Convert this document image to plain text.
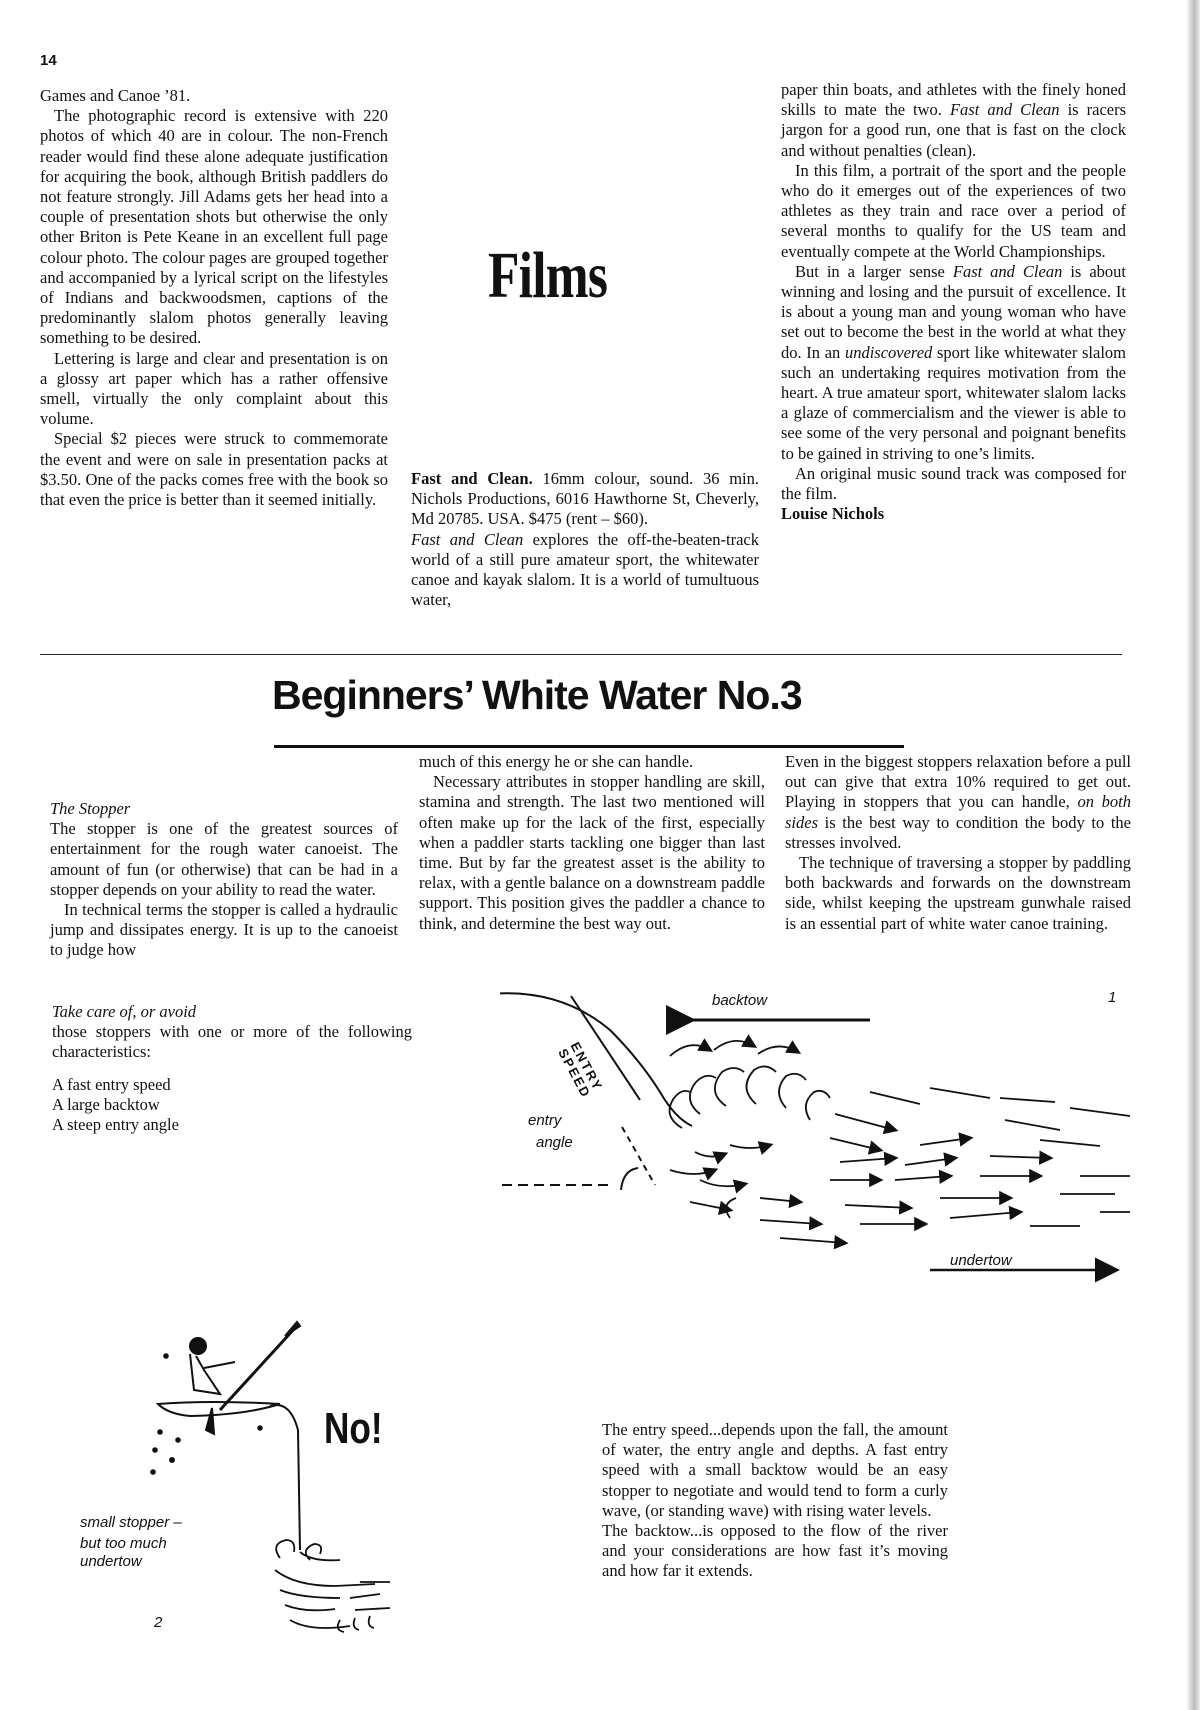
14

Games and Canoe ’81.

The photographic record is extensive with 220 photos of which 40 are in colour. The non-French reader would find these alone adequate justification for acquiring the book, although British paddlers do not feature strongly. Jill Adams gets her head into a couple of presentation shots but otherwise the only other Briton is Pete Keane in an excellent full page colour photo. The colour pages are grouped together and accompanied by a lyrical script on the lifestyles of Indians and backwoodsmen, captions of the predominantly slalom photos generally leaving something to be desired.

Lettering is large and clear and presentation is on a glossy art paper which has a rather offensive smell, virtually the only complaint about this volume.

Special $2 pieces were struck to commemorate the event and were on sale in presentation packs at $3.50. One of the packs comes free with the book so that even the price is better than it seemed initially.

Films

Fast and Clean. 16mm colour, sound. 36 min. Nichols Productions, 6016 Hawthorne St, Cheverly, Md 20785. USA. $475 (rent – $60).

Fast and Clean explores the off-the-beaten-track world of a still pure amateur sport, the whitewater canoe and kayak slalom. It is a world of tumultuous water,

paper thin boats, and athletes with the finely honed skills to mate the two. Fast and Clean is racers jargon for a good run, one that is fast on the clock and without penalties (clean).

In this film, a portrait of the sport and the people who do it emerges out of the experiences of two athletes as they train and race over a period of several months to qualify for the US team and eventually compete at the World Championships.

But in a larger sense Fast and Clean is about winning and losing and the pursuit of excellence. It is about a young man and young woman who have set out to become the best in the world at what they do. In an undiscovered sport like whitewater slalom such an undertaking requires motivation from the heart. A true amateur sport, whitewater slalom lacks a glaze of commercialism and the viewer is able to see some of the very personal and poignant benefits to be gained in striving to one’s limits.

An original music sound track was composed for the film.

Louise Nichols

Beginners’ White Water No.3

The Stopper

The stopper is one of the greatest sources of entertainment for the rough water canoeist. The amount of fun (or otherwise) that can be had in a stopper depends on your ability to read the water.

In technical terms the stopper is called a hydraulic jump and dissipates energy. It is up to the canoeist to judge how

much of this energy he or she can handle.

Necessary attributes in stopper handling are skill, stamina and strength. The last two mentioned will often make up for the lack of the first, especially when a paddler starts tackling one bigger than last time. But by far the greatest asset is the ability to relax, with a gentle balance on a downstream paddle support. This position gives the paddler a chance to think, and determine the best way out.

Even in the biggest stoppers relaxation before a pull out can give that extra 10% required to get out. Playing in stoppers that you can handle, on both sides is the best way to condition the body to the stresses involved.

The technique of traversing a stopper by paddling both backwards and forwards on the downstream side, whilst keeping the upstream gunwhale raised is an essential part of white water canoe training.

Take care of, or avoid

those stoppers with one or more of the following characteristics:

A fast entry speed

A large backtow

A steep entry angle

backtow
undertow
entry
angle
ENTRY SPEED
1
No!
small stopper –
but too much
undertow
2

The entry speed...depends upon the fall, the amount of water, the entry angle and depths. A fast entry speed with a small backtow would be an easy stopper to negotiate and would tend to form a curly wave, (or standing wave) with rising water levels.

The backtow...is opposed to the flow of the river and your considerations are how fast it’s moving and how far it extends.
